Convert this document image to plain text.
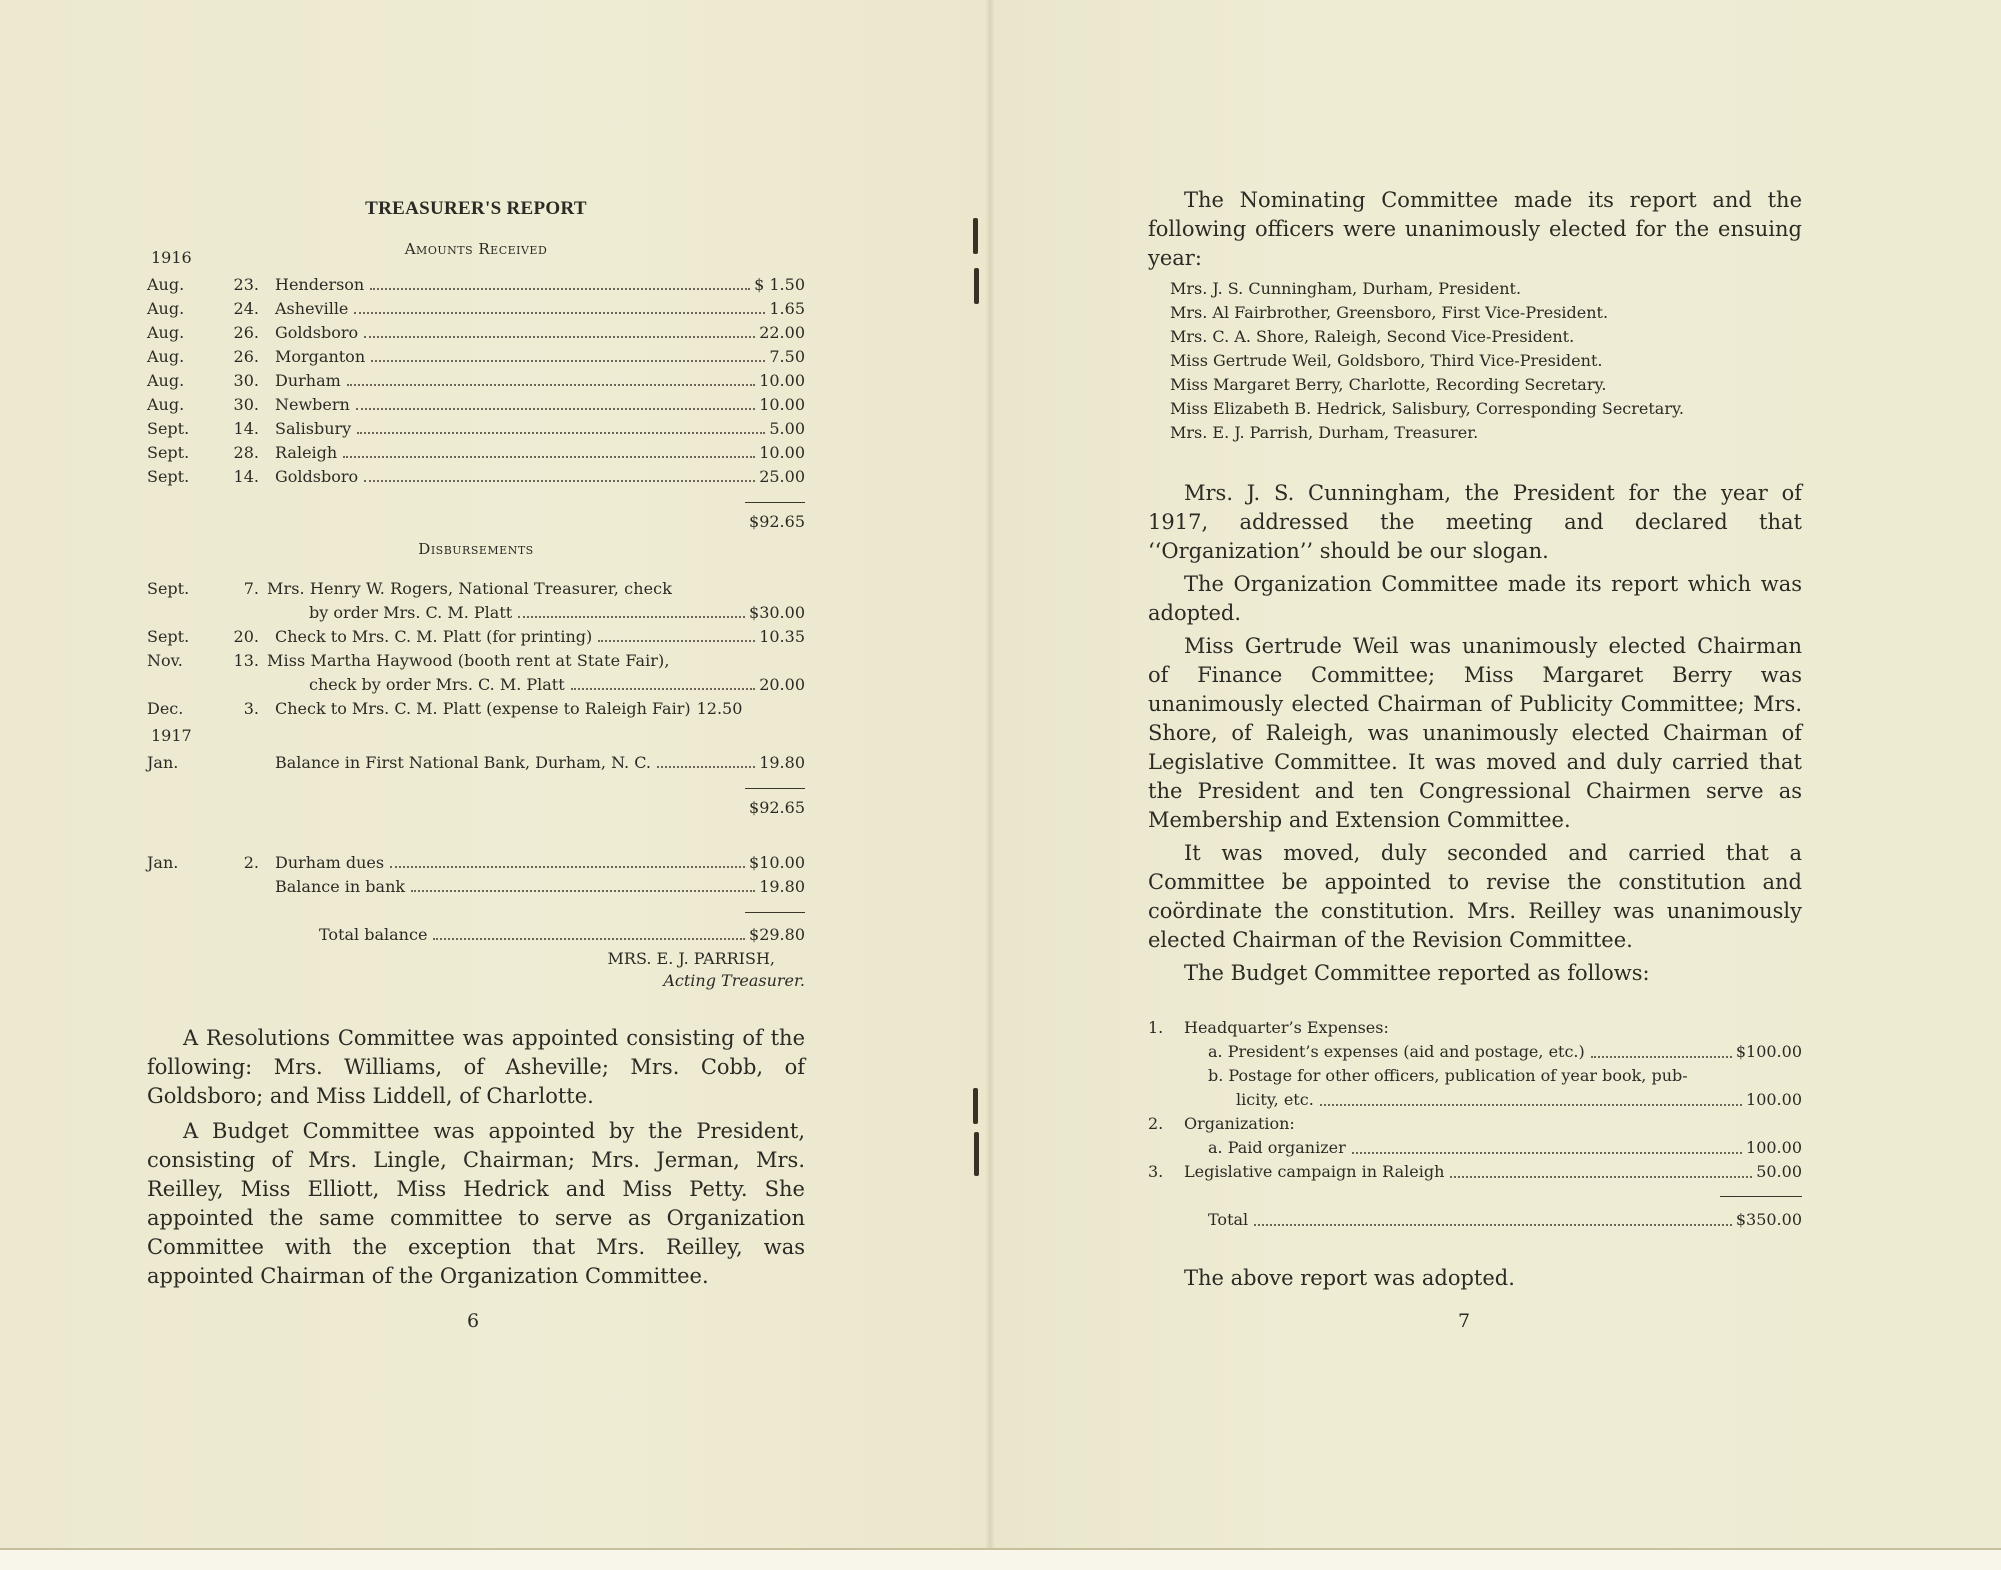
TREASURER'S REPORT
Amounts Received
1916
Aug.	23. Henderson	$ 1.50
Aug.	24. Asheville	1.65
Aug.	26. Goldsboro	22.00
Aug.	26. Morganton	7.50
Aug.	30. Durham	10.00
Aug.	30. Newbern	10.00
Sept.	14. Salisbury	5.00
Sept.	28. Raleigh	10.00
Sept.	14. Goldsboro	25.00
$92.65
Disbursements
Sept.	7. Mrs. Henry W. Rogers, National Treasurer, check
by order Mrs. C. M. Platt	$30.00
Sept.	20. Check to Mrs. C. M. Platt (for printing)	10.35
Nov.	13. Miss Martha Haywood (booth rent at State Fair),
check by order Mrs. C. M. Platt	20.00
Dec.	3. Check to Mrs. C. M. Platt (expense to Raleigh Fair) 12.50
1917
Jan.	Balance in First National Bank, Durham, N. C.	19.80
$92.65
Jan.	2. Durham dues	$10.00
Balance in bank	19.80
Total balance	$29.80
MRS. E. J. PARRISH,
Acting Treasurer.

A Resolutions Committee was appointed consisting of the following: Mrs. Williams, of Asheville; Mrs. Cobb, of Goldsboro; and Miss Liddell, of Charlotte.

A Budget Committee was appointed by the President, consisting of Mrs. Lingle, Chairman; Mrs. Jerman, Mrs. Reilley, Miss Elliott, Miss Hedrick and Miss Petty. She appointed the same committee to serve as Organization Committee with the exception that Mrs. Reilley, was appointed Chairman of the Organization Committee.

6

The Nominating Committee made its report and the following officers were unanimously elected for the ensuing year:

Mrs. J. S. Cunningham, Durham, President.
Mrs. Al Fairbrother, Greensboro, First Vice-President.
Mrs. C. A. Shore, Raleigh, Second Vice-President.
Miss Gertrude Weil, Goldsboro, Third Vice-President.
Miss Margaret Berry, Charlotte, Recording Secretary.
Miss Elizabeth B. Hedrick, Salisbury, Corresponding Secretary.
Mrs. E. J. Parrish, Durham, Treasurer.

Mrs. J. S. Cunningham, the President for the year of 1917, addressed the meeting and declared that ‘‘Organization’’ should be our slogan.

The Organization Committee made its report which was adopted.

Miss Gertrude Weil was unanimously elected Chairman of Finance Committee; Miss Margaret Berry was unanimously elected Chairman of Publicity Committee; Mrs. Shore, of Raleigh, was unanimously elected Chairman of Legislative Committee. It was moved and duly carried that the President and ten Congressional Chairmen serve as Membership and Extension Committee.

It was moved, duly seconded and carried that a Committee be appointed to revise the constitution and coördinate the constitution. Mrs. Reilley was unanimously elected Chairman of the Revision Committee.

The Budget Committee reported as follows:

1.	Headquarter’s Expenses:
a. President’s expenses (aid and postage, etc.)	$100.00
b. Postage for other officers, publication of year book, pub-
licity, etc.	100.00
2.	Organization:
a. Paid organizer	100.00
3.	Legislative campaign in Raleigh	50.00
Total	$350.00

The above report was adopted.

7
